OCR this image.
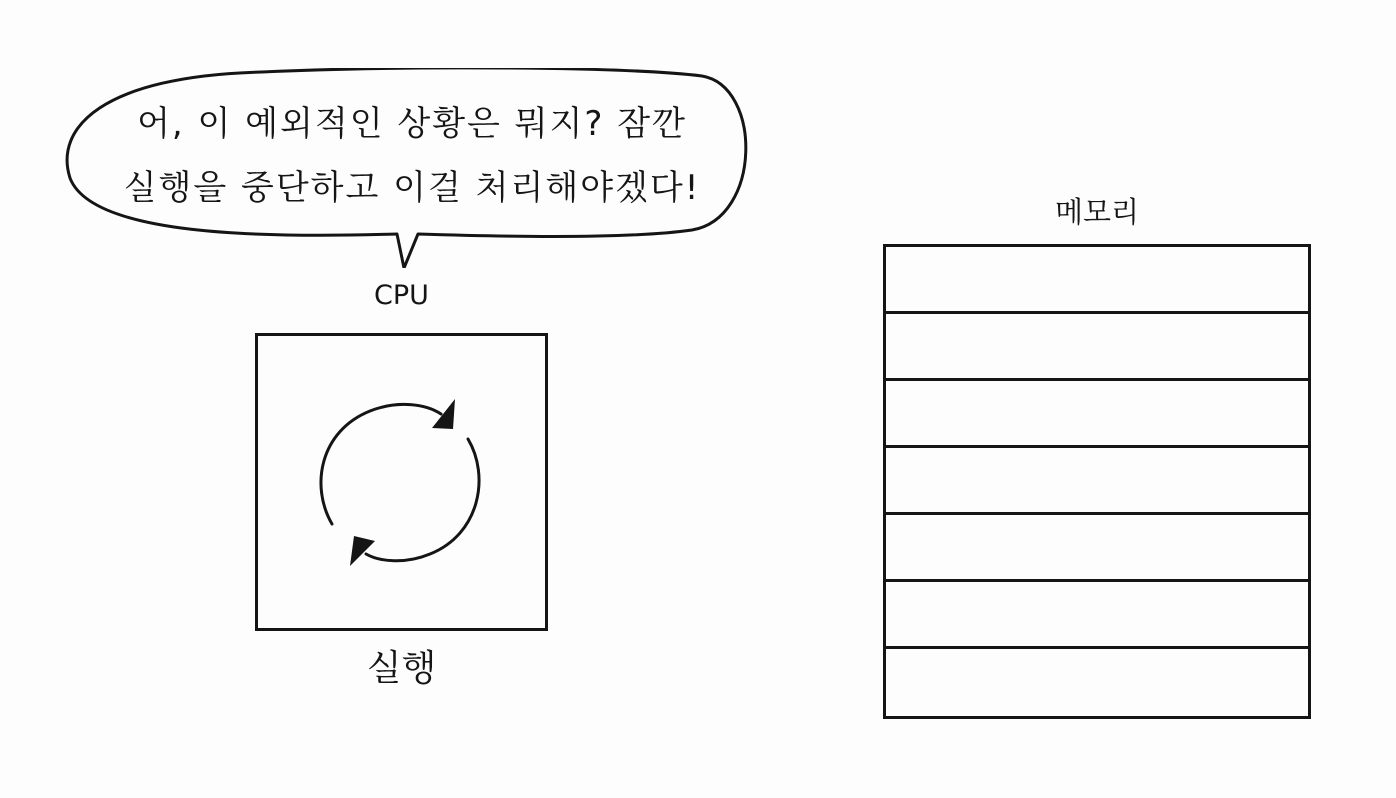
어, 이 예외적인 상황은 뭐지? 잠깐
실행을 중단하고 이걸 처리해야겠다!
CPU
실행
메모리
